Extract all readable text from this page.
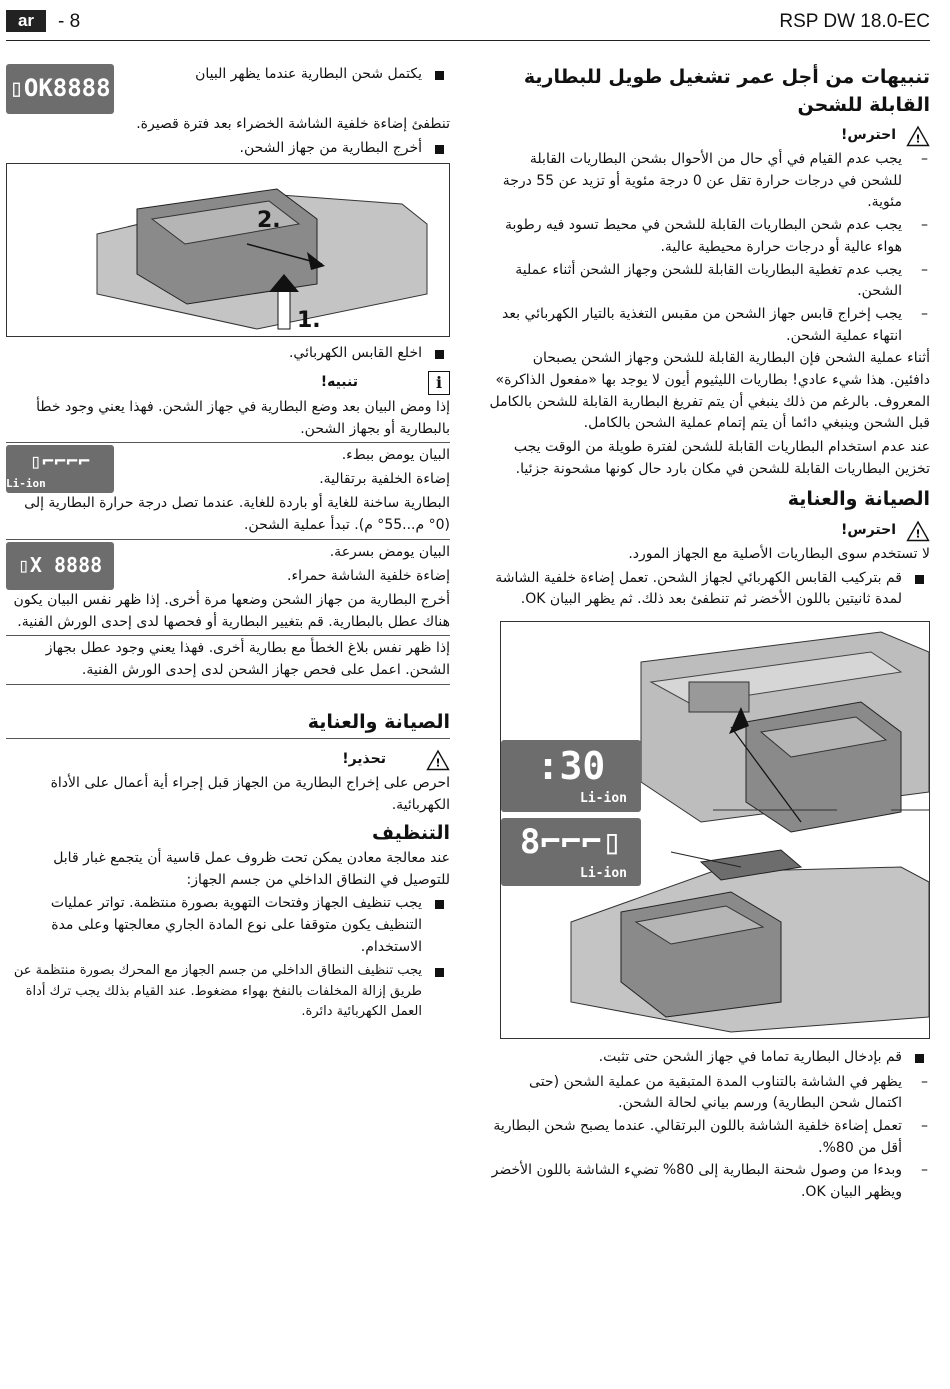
ar	- 8	RSP DW 18.0-EC
تنبيهات من أجل عمر تشغيل طويل للبطارية القابلة للشحن
!
احترس!
– يجب عدم القيام في أي حال من الأحوال بشحن البطاريات القابلة للشحن في درجات حرارة تقل عن 0 درجة مئوية أو تزيد عن 55 درجة مئوية.
– يجب عدم شحن البطاريات القابلة للشحن في محيط تسود فيه رطوبة هواء عالية أو درجات حرارة محيطية عالية.
– يجب عدم تغطية البطاريات القابلة للشحن وجهاز الشحن أثناء عملية الشحن.
– يجب إخراج قابس جهاز الشحن من مقبس التغذية بالتيار الكهربائي بعد انتهاء عملية الشحن.

أثناء عملية الشحن فإن البطارية القابلة للشحن وجهاز الشحن يصبحان دافئين. هذا شيء عادي! بطاريات الليثيوم أيون لا يوجد بها «مفعول الذاكرة» المعروف. بالرغم من ذلك ينبغي أن يتم تفريغ البطارية القابلة للشحن بالكامل قبل الشحن وينبغي دائما أن يتم إتمام عملية الشحن بالكامل.

عند عدم استخدام البطاريات القابلة للشحن لفترة طويلة من الوقت يجب تخزين البطاريات القابلة للشحن في مكان بارد حال كونها مشحونة جزئيا.

الصيانة والعناية
!
احترس!

لا تستخدم سوى البطاريات الأصلية مع الجهاز المورد.

قم بتركيب القابس الكهربائي لجهاز الشحن. تعمل إضاءة خلفية الشاشة لمدة ثانيتين باللون الأخضر ثم تنطفئ بعد ذلك. ثم يظهر البيان OK.
:30
Li-ion
8⌐⌐⌐▯
Li-ion
قم بإدخال البطارية تماما في جهاز الشحن حتى تثبت.
– يظهر في الشاشة بالتناوب المدة المتبقية من عملية الشحن (حتى اكتمال شحن البطارية) ورسم بياني لحالة الشحن.
– تعمل إضاءة خلفية الشاشة باللون البرتقالي. عندما يصبح شحن البطارية أقل من 80%.
– وبدءا من وصول شحنة البطارية إلى 80% تضيء الشاشة باللون الأخضر ويظهر البيان OK.
يكتمل شحن البطارية عندما يظهر البيان
OK8888▯

تنطفئ إضاءة خلفية الشاشة الخضراء بعد فترة قصيرة.

أخرج البطارية من جهاز الشحن.
2.
1.
اخلع القابس الكهربائي.
i
تنبيه!

إذا ومض البيان بعد وضع البطارية في جهاز الشحن. فهذا يعني وجود خطأ بالبطارية أو بجهاز الشحن.

البيان يومض ببطء.

إضاءة الخلفية برتقالية.

⌐⌐⌐⌐▯
Li-ion

البطارية ساخنة للغاية أو باردة للغاية. عندما تصل درجة حرارة البطارية إلى (0° م...55° م). تبدأ عملية الشحن.

البيان يومض بسرعة.

إضاءة خلفية الشاشة حمراء.

X 8888▯

أخرج البطارية من جهاز الشحن وضعها مرة أخرى. إذا ظهر نفس البيان يكون هناك عطل بالبطارية. قم بتغيير البطارية أو فحصها لدى إحدى الورش الفنية.

إذا ظهر نفس بلاغ الخطأ مع بطارية أخرى. فهذا يعني وجود عطل بجهاز الشحن. اعمل على فحص جهاز الشحن لدى إحدى الورش الفنية.

الصيانة والعناية
!
تحذير!

احرص على إخراج البطارية من الجهاز قبل إجراء أية أعمال على الأداة الكهربائية.

التنظيف

عند معالجة معادن يمكن تحت ظروف عمل قاسية أن يتجمع غبار قابل للتوصيل في النطاق الداخلي من جسم الجهاز:

يجب تنظيف الجهاز وفتحات التهوية بصورة منتظمة. تواتر عمليات التنظيف يكون متوقفا على نوع المادة الجاري معالجتها وعلى مدة الاستخدام.
يجب تنظيف النطاق الداخلي من جسم الجهاز مع المحرك بصورة منتظمة عن طريق إزالة المخلفات بالنفخ بهواء مضغوط. عند القيام بذلك يجب ترك أداة العمل الكهربائية دائرة.
